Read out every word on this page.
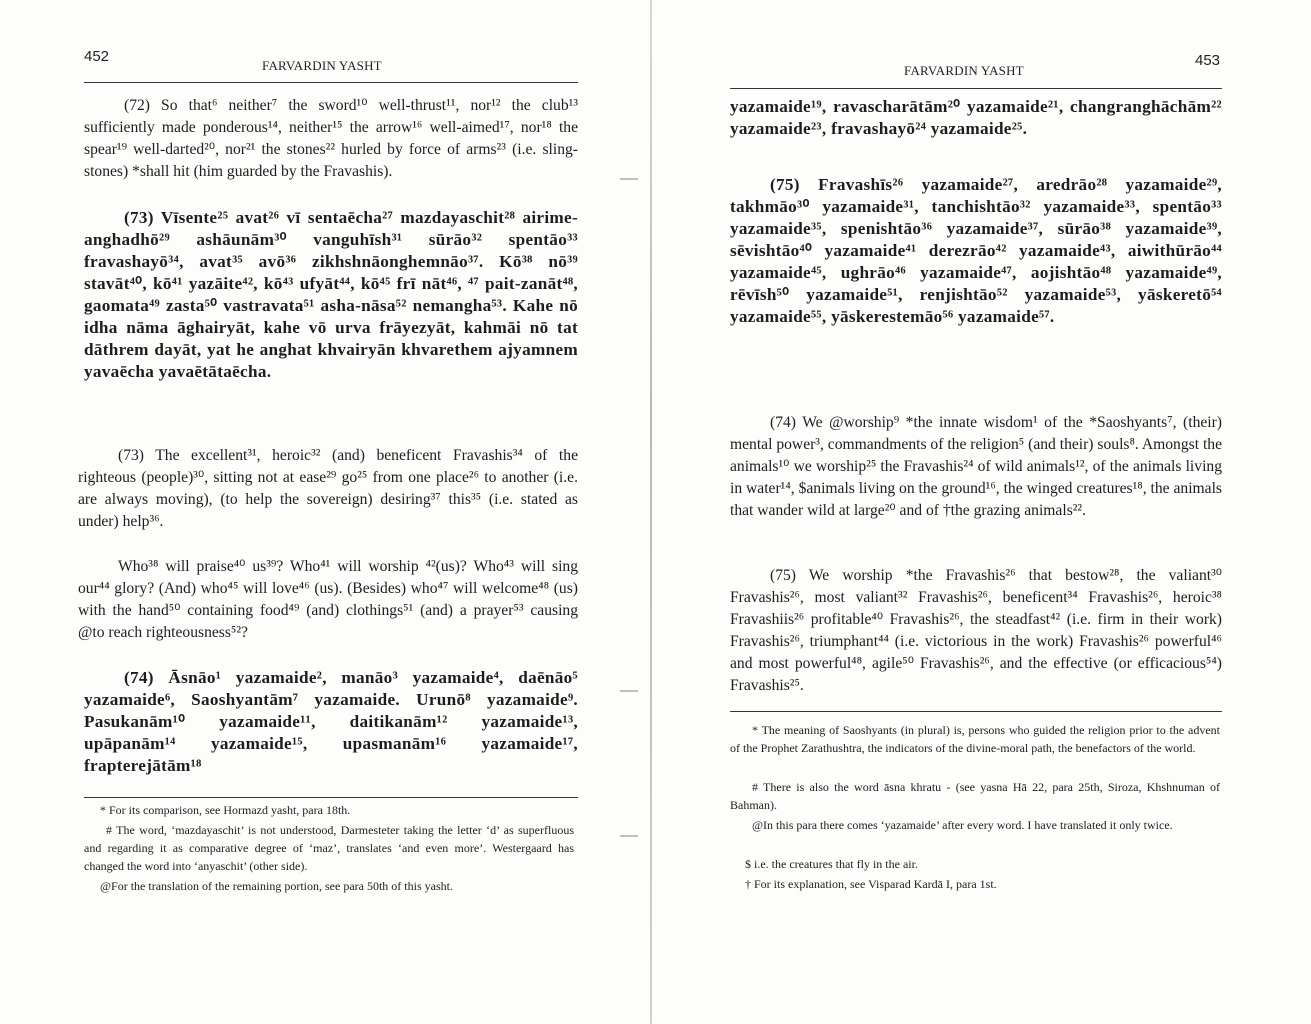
452
FARVARDIN YASHT

(72) So that⁶ neither⁷ the sword¹⁰ well-thrust¹¹, nor¹² the club¹³ sufficiently made ponderous¹⁴, neither¹⁵ the arrow¹⁶ well-aimed¹⁷, nor¹⁸ the spear¹⁹ well-darted²⁰, nor²¹ the stones²² hurled by force of arms²³ (i.e. sling-stones) *shall hit (him guarded by the Fravashis).

(73) Vīsente²⁵ avat²⁶ vī sentaēcha²⁷ mazdayaschit²⁸ airime-anghadhō²⁹ ashāunām³⁰ vanguhīsh³¹ sūrāo³² spentāo³³ fravashayō³⁴, avat³⁵ avō³⁶ zikhshnāonghemnāo³⁷. Kō³⁸ nō³⁹ stavāt⁴⁰, kō⁴¹ yazāite⁴², kō⁴³ ufyāt⁴⁴, kō⁴⁵ frī nāt⁴⁶, ⁴⁷ pait-zanāt⁴⁸, gaomata⁴⁹ zasta⁵⁰ vastravata⁵¹ asha-nāsa⁵² nemangha⁵³. Kahe nō idha nāma āghairyāt, kahe vō urva frāyezyāt, kahmāi nō tat dāthrem dayāt, yat he anghat khvairyān khvarethem ajyamnem yavaēcha yavaētātaēcha.

(73) The excellent³¹, heroic³² (and) beneficent Fravashis³⁴ of the righteous (people)³⁰, sitting not at ease²⁹ go²⁵ from one place²⁶ to another (i.e. are always moving), (to help the sovereign) desiring³⁷ this³⁵ (i.e. stated as under) help³⁶.

Who³⁸ will praise⁴⁰ us³⁹? Who⁴¹ will worship ⁴²(us)? Who⁴³ will sing our⁴⁴ glory? (And) who⁴⁵ will love⁴⁶ (us). (Besides) who⁴⁷ will welcome⁴⁸ (us) with the hand⁵⁰ containing food⁴⁹ (and) clothings⁵¹ (and) a prayer⁵³ causing @to reach righteousness⁵²?

(74) Āsnāo¹ yazamaide², manāo³ yazamaide⁴, daēnāo⁵ yazamaide⁶, Saoshyantām⁷ yazamaide. Urunō⁸ yazamaide⁹. Pasukanām¹⁰ yazamaide¹¹, daitikanām¹² yazamaide¹³, upāpanām¹⁴ yazamaide¹⁵, upasmanām¹⁶ yazamaide¹⁷, frapterejātām¹⁸

* For its comparison, see Hormazd yasht, para 18th.

# The word, ‘mazdayaschit’ is not understood, Darmesteter taking the letter ‘d’ as superfluous and regarding it as comparative degree of ‘maz’, translates ‘and even more’. Westergaard has changed the word into ‘anyaschit’ (other side).

@For the translation of the remaining portion, see para 50th of this yasht.

453
FARVARDIN YASHT

yazamaide¹⁹, ravascharātām²⁰ yazamaide²¹, changranghāchām²² yazamaide²³, fravashayō²⁴ yazamaide²⁵.

(75) Fravashīs²⁶ yazamaide²⁷, aredrāo²⁸ yazamaide²⁹, takhmāo³⁰ yazamaide³¹, tanchishtāo³² yazamaide³³, spentāo³³ yazamaide³⁵, spenishtāo³⁶ yazamaide³⁷, sūrāo³⁸ yazamaide³⁹, sēvishtāo⁴⁰ yazamaide⁴¹ derezrāo⁴² yazamaide⁴³, aiwithūrāo⁴⁴ yazamaide⁴⁵, ughrāo⁴⁶ yazamaide⁴⁷, aojishtāo⁴⁸ yazamaide⁴⁹, rēvīsh⁵⁰ yazamaide⁵¹, renjishtāo⁵² yazamaide⁵³, yāskeretō⁵⁴ yazamaide⁵⁵, yāskerestemāo⁵⁶ yazamaide⁵⁷.

(74) We @worship⁹ *the innate wisdom¹ of the *Saoshyants⁷, (their) mental power³, commandments of the religion⁵ (and their) souls⁸. Amongst the animals¹⁰ we worship²⁵ the Fravashis²⁴ of wild animals¹², of the animals living in water¹⁴, $animals living on the ground¹⁶, the winged creatures¹⁸, the animals that wander wild at large²⁰ and of †the grazing animals²².

(75) We worship *the Fravashis²⁶ that bestow²⁸, the valiant³⁰ Fravashis²⁶, most valiant³² Fravashis²⁶, beneficent³⁴ Fravashis²⁶, heroic³⁸ Fravashiis²⁶ profitable⁴⁰ Fravashis²⁶, the steadfast⁴² (i.e. firm in their work) Fravashis²⁶, triumphant⁴⁴ (i.e. victorious in the work) Fravashis²⁶ powerful⁴⁶ and most powerful⁴⁸, agile⁵⁰ Fravashis²⁶, and the effective (or efficacious⁵⁴) Fravashis²⁵.

* The meaning of Saoshyants (in plural) is, persons who guided the religion prior to the advent of the Prophet Zarathushtra, the indicators of the divine-moral path, the benefactors of the world.

# There is also the word āsna khratu - (see yasna Hā 22, para 25th, Siroza, Khshnuman of Bahman).

@In this para there comes ‘yazamaide’ after every word. I have translated it only twice.

$ i.e. the creatures that fly in the air.

† For its explanation, see Visparad Kardā I, para 1st.
